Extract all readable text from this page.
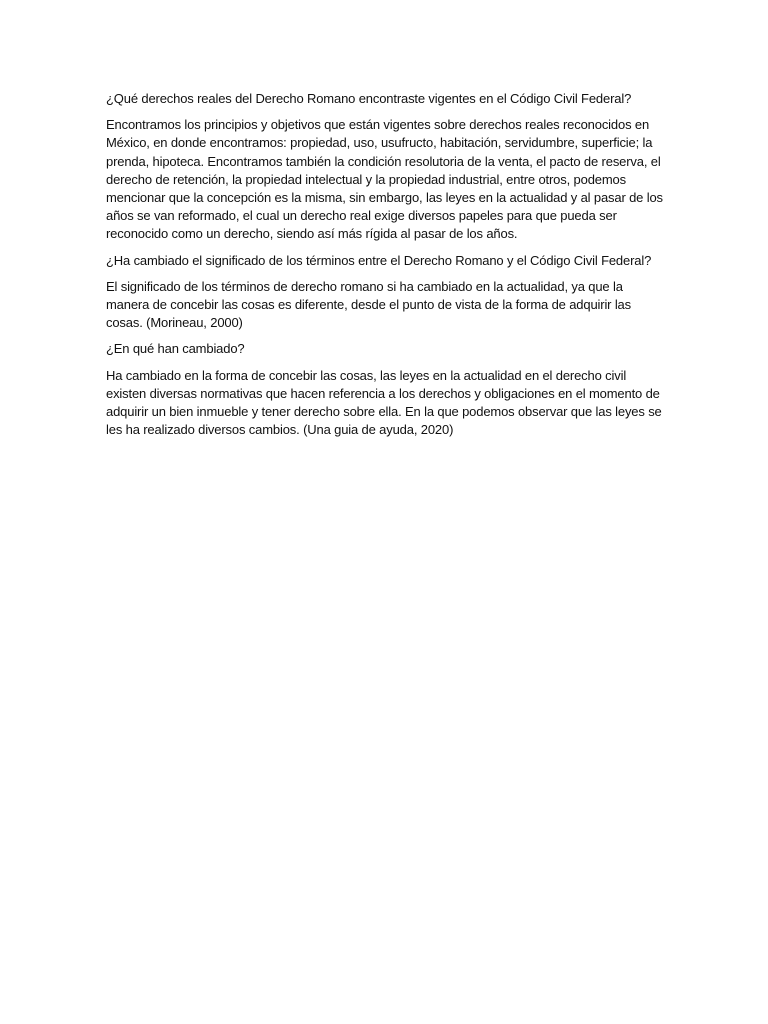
¿Qué derechos reales del Derecho Romano encontraste vigentes en el Código Civil Federal?

Encontramos los principios y objetivos que están vigentes sobre derechos reales reconocidos en México, en donde encontramos: propiedad, uso, usufructo, habitación, servidumbre, superficie; la prenda, hipoteca. Encontramos también la condición resolutoria de la venta, el pacto de reserva, el derecho de retención, la propiedad intelectual y la propiedad industrial, entre otros, podemos mencionar que la concepción es la misma, sin embargo, las leyes en la actualidad y al pasar de los años se van reformado, el cual un derecho real exige diversos papeles para que pueda ser reconocido como un derecho, siendo así más rígida al pasar de los años.

¿Ha cambiado el significado de los términos entre el Derecho Romano y el Código Civil Federal?

El significado de los términos de derecho romano si ha cambiado en la actualidad, ya que la manera de concebir las cosas es diferente, desde el punto de vista de la forma de adquirir las cosas. (Morineau, 2000)

¿En qué han cambiado?

Ha cambiado en la forma de concebir las cosas, las leyes en la actualidad en el derecho civil existen diversas normativas que hacen referencia a los derechos y obligaciones en el momento de adquirir un bien inmueble y tener derecho sobre ella. En la que podemos observar que las leyes se les ha realizado diversos cambios. (Una guia de ayuda, 2020)
